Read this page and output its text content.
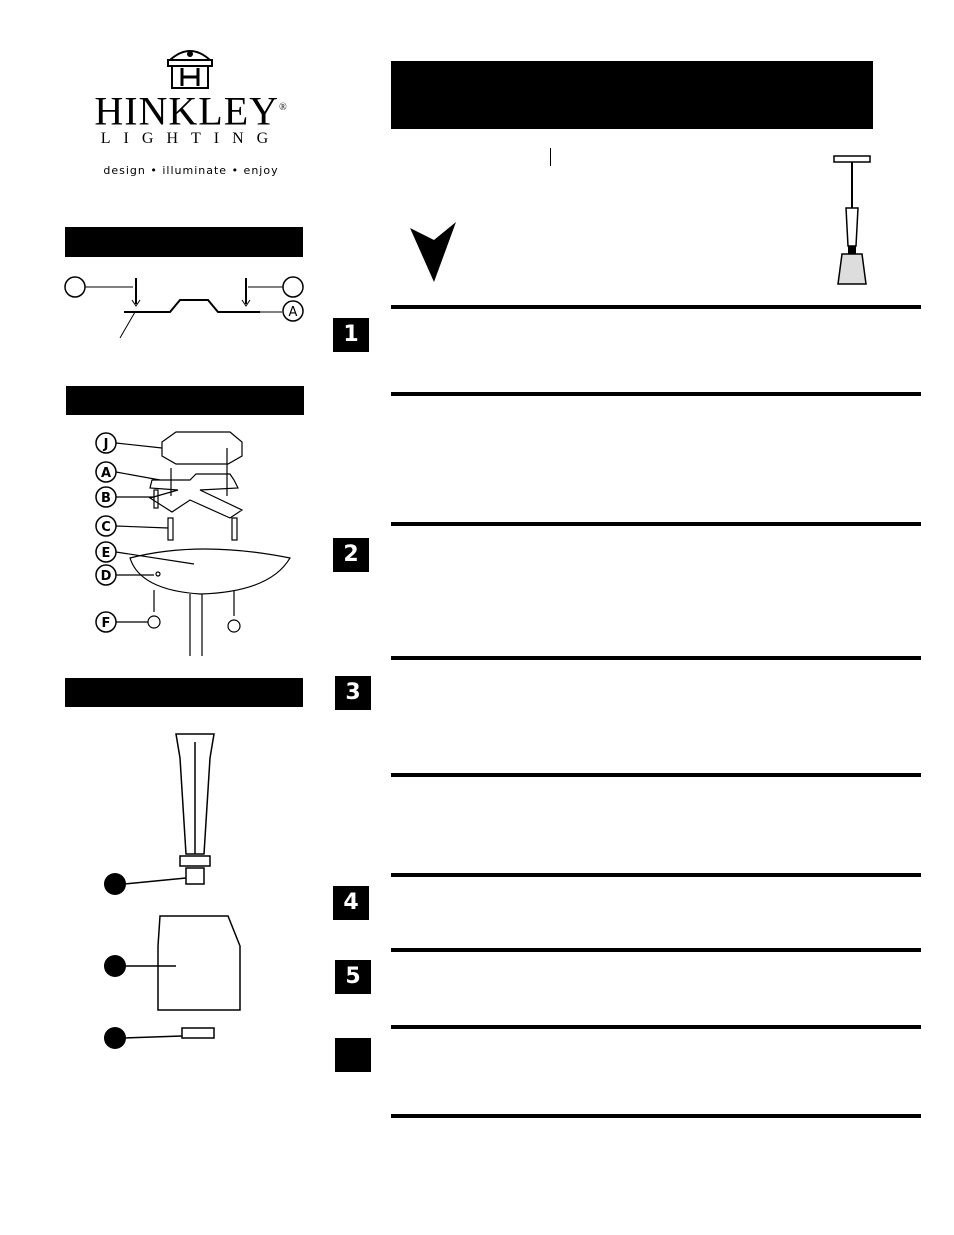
HINKLEY®
LIGHTING
design • illuminate • enjoy
A
J
A
B
C
E
D
F
1
2
3
4
5
